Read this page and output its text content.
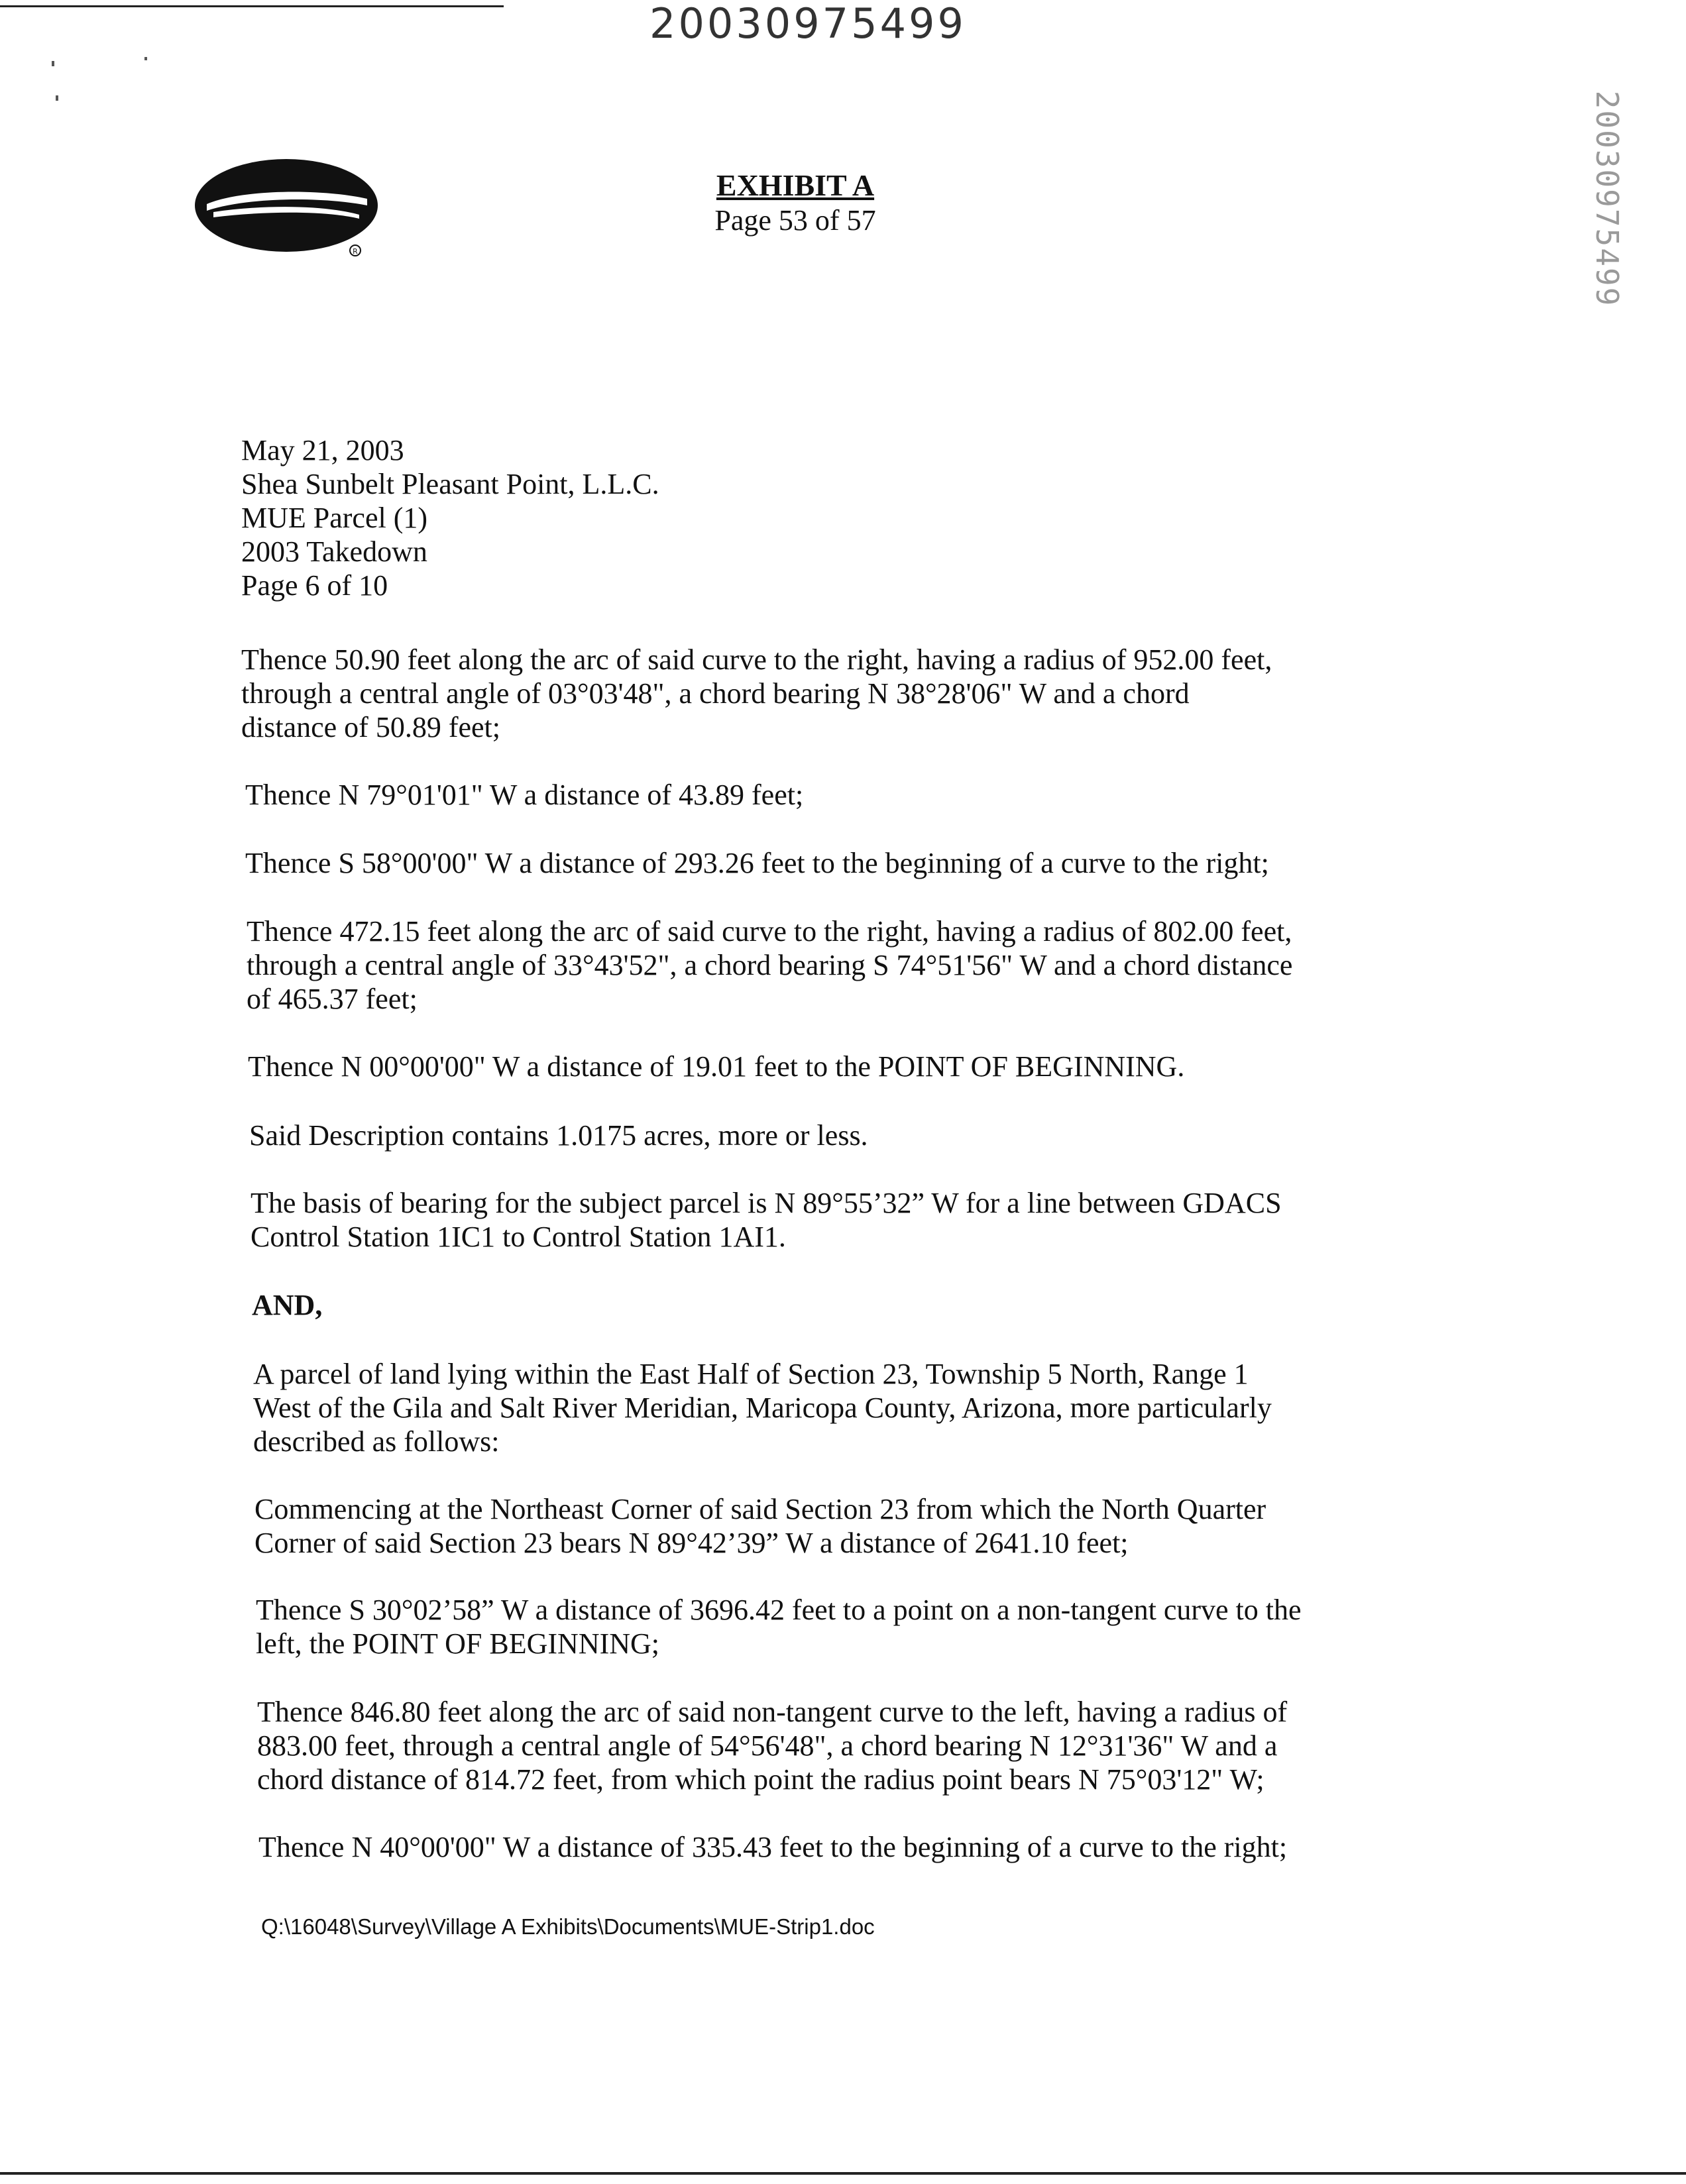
20030975499
20030975499
R
EXHIBIT A
Page 53 of 57
May 21, 2003
Shea Sunbelt Pleasant Point, L.L.C.
MUE Parcel (1)
2003 Takedown
Page 6 of 10
Thence 50.90 feet along the arc of said curve to the right, having a radius of 952.00 feet,
through a central angle of 03°03'48", a chord bearing N 38°28'06" W and a chord
distance of 50.89 feet;
Thence N 79°01'01" W a distance of 43.89 feet;
Thence S 58°00'00" W a distance of 293.26 feet to the beginning of a curve to the right;
Thence 472.15 feet along the arc of said curve to the right, having a radius of 802.00 feet,
through a central angle of 33°43'52", a chord bearing S 74°51'56" W and a chord distance
of 465.37 feet;
Thence N 00°00'00" W a distance of 19.01 feet to the POINT OF BEGINNING.
Said Description contains 1.0175 acres, more or less.
The basis of bearing for the subject parcel is N 89°55’32” W for a line between GDACS
Control Station 1IC1 to Control Station 1AI1.
AND,
A parcel of land lying within the East Half of Section 23, Township 5 North, Range 1
West of the Gila and Salt River Meridian, Maricopa County, Arizona, more particularly
described as follows:
Commencing at the Northeast Corner of said Section 23 from which the North Quarter
Corner of said Section 23 bears N 89°42’39” W a distance of 2641.10 feet;
Thence S 30°02’58” W a distance of 3696.42 feet to a point on a non-tangent curve to the
left, the POINT OF BEGINNING;
Thence 846.80 feet along the arc of said non-tangent curve to the left, having a radius of
883.00 feet, through a central angle of 54°56'48", a chord bearing N 12°31'36" W and a
chord distance of 814.72 feet, from which point the radius point bears N 75°03'12" W;
Thence N 40°00'00" W a distance of 335.43 feet to the beginning of a curve to the right;
Q:\16048\Survey\Village A Exhibits\Documents\MUE-Strip1.doc
